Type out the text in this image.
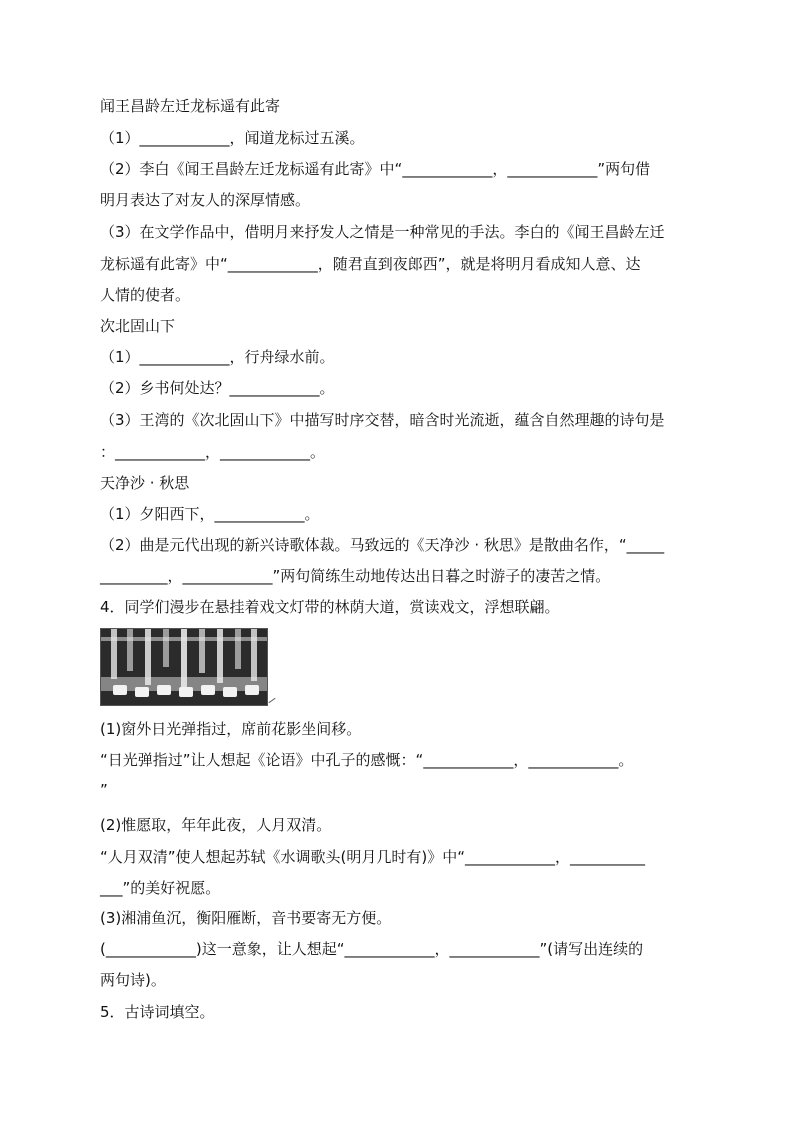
闻王昌龄左迁龙标遥有此寄
（1）____________，闻道龙标过五溪。
（2）李白《闻王昌龄左迁龙标遥有此寄》中“____________，____________”两句借
明月表达了对友人的深厚情感。
（3）在文学作品中，借明月来抒发人之情是一种常见的手法。李白的《闻王昌龄左迁
龙标遥有此寄》中“____________，随君直到夜郎西”，就是将明月看成知人意、达
人情的使者。
次北固山下
（1）____________，行舟绿水前。
（2）乡书何处达？____________。
（3）王湾的《次北固山下》中描写时序交替，暗含时光流逝，蕴含自然理趣的诗句是
：____________，____________。
天净沙 · 秋思
（1）夕阳西下，____________。
（2）曲是元代出现的新兴诗歌体裁。马致远的《天净沙 · 秋思》是散曲名作，“_____
_________，____________”两句简练生动地传达出日暮之时游子的凄苦之情。
4．同学们漫步在悬挂着戏文灯带的林荫大道，赏读戏文，浮想联翩。
(1)窗外日光弹指过，席前花影坐间移。
“日光弹指过”让人想起《论语》中孔子的感慨：“____________，____________。
”
(2)惟愿取，年年此夜，人月双清。
“人月双清”使人想起苏轼《水调歌头(明月几时有)》中“____________，__________
___”的美好祝愿。
(3)湘浦鱼沉，衡阳雁断，音书要寄无方便。
(____________)这一意象，让人想起“____________，____________”(请写出连续的
两句诗)。
5．古诗词填空。
